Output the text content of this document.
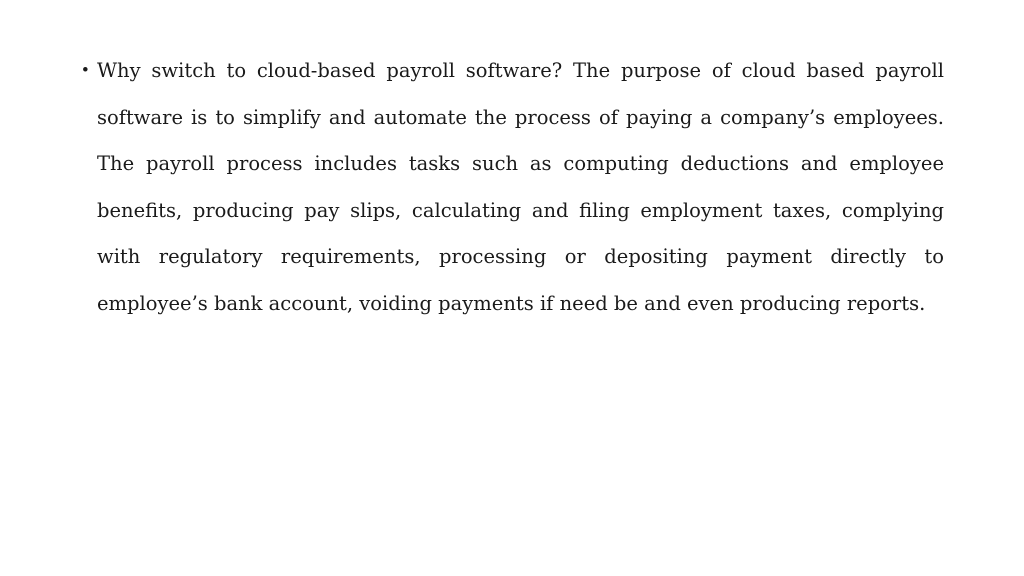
• Why switch to cloud-based payroll software? The purpose of cloud based payroll software is to simplify and automate the process of paying a company’s employees. The payroll process includes tasks such as computing deductions and employee benefits, producing pay slips, calculating and filing employment taxes, complying with regulatory requirements, processing or depositing payment directly to employee’s bank account, voiding payments if need be and even producing reports.
